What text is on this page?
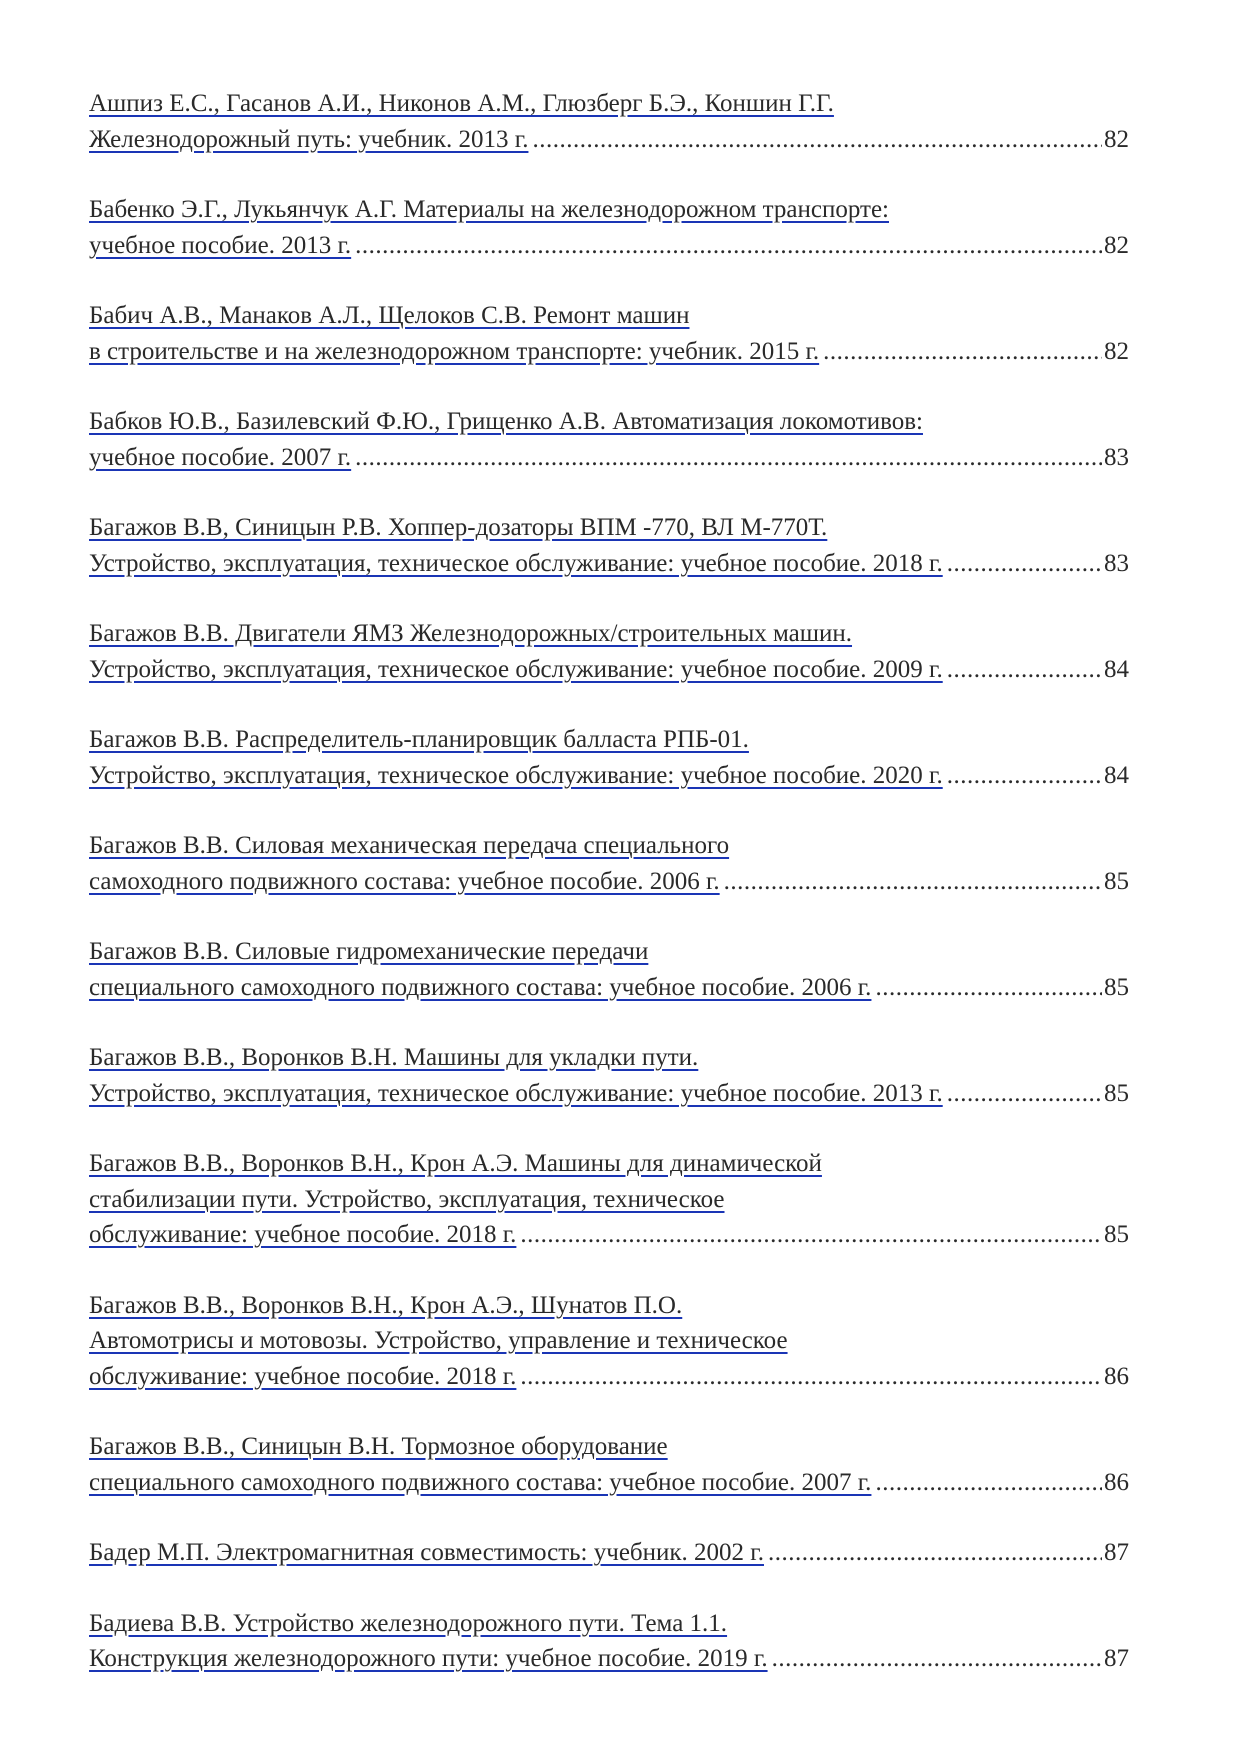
Ашпиз Е.С., Гасанов А.И., Никонов А.М., Глюзберг Б.Э., Коншин Г.Г.
Железнодорожный путь: учебник. 2013 г. .....	82
Бабенко Э.Г., Лукьянчук А.Г. Материалы на железнодорожном транспорте:
учебное пособие. 2013 г. .....	82
Бабич А.В., Манаков А.Л., Щелоков С.В. Ремонт машин
в строительстве и на железнодорожном транспорте: учебник. 2015 г. .....	82
Бабков Ю.В., Базилевский Ф.Ю., Грищенко А.В. Автоматизация локомотивов:
учебное пособие. 2007 г. .....	83
Багажов В.В, Синицын Р.В. Хоппер-дозаторы ВПМ -770, ВЛ М-770Т.
Устройство, эксплуатация, техническое обслуживание: учебное пособие. 2018 г. .....	83
Багажов В.В. Двигатели ЯМЗ Железнодорожных/строительных машин.
Устройство, эксплуатация, техническое обслуживание: учебное пособие. 2009 г. .....	84
Багажов В.В. Распределитель-планировщик балласта РПБ-01.
Устройство, эксплуатация, техническое обслуживание: учебное пособие. 2020 г. .....	84
Багажов В.В. Силовая механическая передача специального
самоходного подвижного состава: учебное пособие. 2006 г. .....	85
Багажов В.В. Силовые гидромеханические передачи
специального самоходного подвижного состава: учебное пособие. 2006 г. .....	85
Багажов В.В., Воронков В.Н. Машины для укладки пути.
Устройство, эксплуатация, техническое обслуживание: учебное пособие. 2013 г. .....	85
Багажов В.В., Воронков В.Н., Крон А.Э. Машины для динамической
стабилизации пути. Устройство, эксплуатация, техническое
обслуживание: учебное пособие. 2018 г. .....	85
Багажов В.В., Воронков В.Н., Крон А.Э., Шунатов П.О.
Автомотрисы и мотовозы. Устройство, управление и техническое
обслуживание: учебное пособие. 2018 г. .....	86
Багажов В.В., Синицын В.Н. Тормозное оборудование
специального самоходного подвижного состава: учебное пособие. 2007 г. .....	86
Бадер М.П. Электромагнитная совместимость: учебник. 2002 г. .....	87
Бадиева В.В. Устройство железнодорожного пути. Тема 1.1.
Конструкция железнодорожного пути: учебное пособие. 2019 г. .....	87
